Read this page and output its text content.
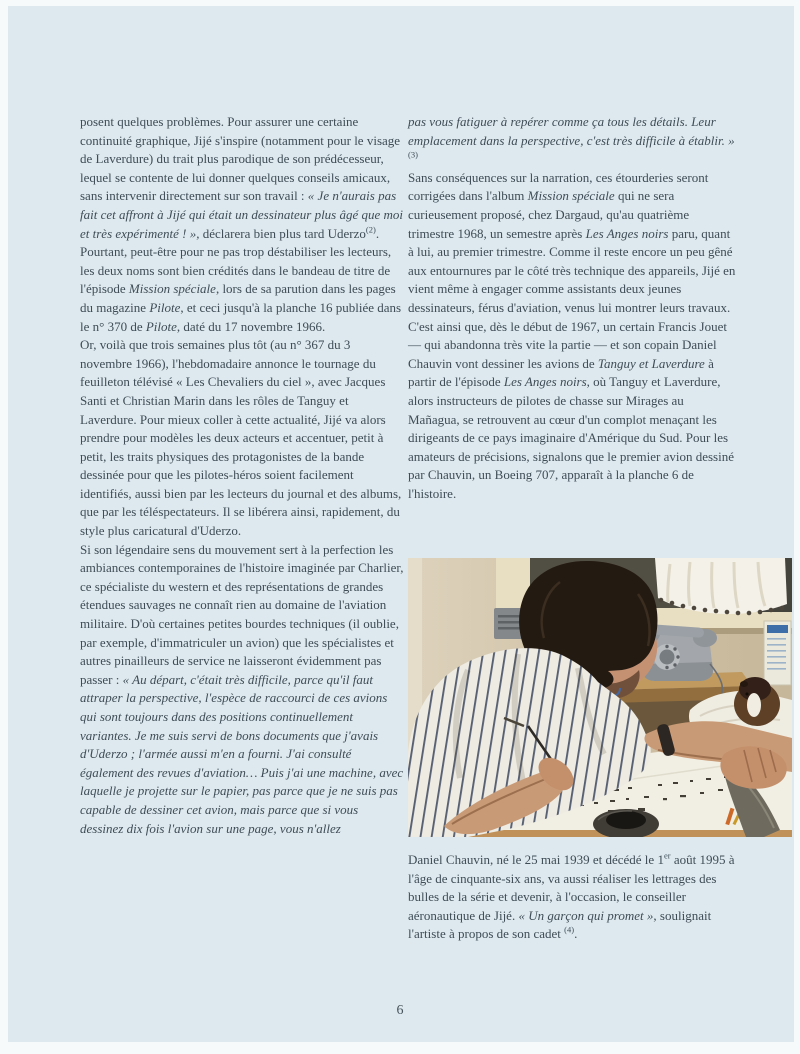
posent quelques problèmes. Pour assurer une certaine continuité graphique, Jijé s'inspire (notamment pour le visage de Laverdure) du trait plus parodique de son prédécesseur, lequel se contente de lui donner quelques conseils amicaux, sans intervenir directement sur son travail : « Je n'aurais pas fait cet affront à Jijé qui était un dessinateur plus âgé que moi et très expérimenté ! », déclarera bien plus tard Uderzo$^{(2)}$.

Pourtant, peut-être pour ne pas trop déstabiliser les lecteurs, les deux noms sont bien crédités dans le bandeau de titre de l'épisode Mission spéciale, lors de sa parution dans les pages du magazine Pilote, et ceci jusqu'à la planche 16 publiée dans le n° 370 de Pilote, daté du 17 novembre 1966.

Or, voilà que trois semaines plus tôt (au n° 367 du 3 novembre 1966), l'hebdomadaire annonce le tournage du feuilleton télévisé « Les Chevaliers du ciel », avec Jacques Santi et Christian Marin dans les rôles de Tanguy et Laverdure. Pour mieux coller à cette actualité, Jijé va alors prendre pour modèles les deux acteurs et accentuer, petit à petit, les traits physiques des protagonistes de la bande dessinée pour que les pilotes-héros soient facilement identifiés, aussi bien par les lecteurs du journal et des albums, que par les téléspectateurs. Il se libérera ainsi, rapidement, du style plus caricatural d'Uderzo.

Si son légendaire sens du mouvement sert à la perfection les ambiances contemporaines de l'histoire imaginée par Charlier, ce spécialiste du western et des représentations de grandes étendues sauvages ne connaît rien au domaine de l'aviation militaire. D'où certaines petites bourdes techniques (il oublie, par exemple, d'immatriculer un avion) que les spécialistes et autres pinailleurs de service ne laisseront évidemment pas passer : « Au départ, c'était très difficile, parce qu'il faut attraper la perspective, l'espèce de raccourci de ces avions qui sont toujours dans des positions continuellement variantes. Je me suis servi de bons documents que j'avais d'Uderzo ; l'armée aussi m'en a fourni. J'ai consulté également des revues d'aviation… Puis j'ai une machine, avec laquelle je projette sur le papier, pas parce que je ne suis pas capable de dessiner cet avion, mais parce que si vous dessinez dix fois l'avion sur une page, vous n'allez

pas vous fatiguer à repérer comme ça tous les détails. Leur emplacement dans la perspective, c'est très difficile à établir. » $^{(3)}$

Sans conséquences sur la narration, ces étourderies seront corrigées dans l'album Mission spéciale qui ne sera curieusement proposé, chez Dargaud, qu'au quatrième trimestre 1968, un semestre après Les Anges noirs paru, quant à lui, au premier trimestre. Comme il reste encore un peu gêné aux entournures par le côté très technique des appareils, Jijé en vient même à engager comme assistants deux jeunes dessinateurs, férus d'aviation, venus lui montrer leurs travaux.

C'est ainsi que, dès le début de 1967, un certain Francis Jouet — qui abandonna très vite la partie — et son copain Daniel Chauvin vont dessiner les avions de Tanguy et Laverdure à partir de l'épisode Les Anges noirs, où Tanguy et Laverdure, alors instructeurs de pilotes de chasse sur Mirages au Mañagua, se retrouvent au cœur d'un complot menaçant les dirigeants de ce pays imaginaire d'Amérique du Sud. Pour les amateurs de précisions, signalons que le premier avion dessiné par Chauvin, un Boeing 707, apparaît à la planche 6 de l'histoire.

Daniel Chauvin, né le 25 mai 1939 et décédé le 1er août 1995 à l'âge de cinquante-six ans, va aussi réaliser les lettrages des bulles de la série et devenir, à l'occasion, le conseiller aéronautique de Jijé. « Un garçon qui promet », soulignait l'artiste à propos de son cadet $^{(4)}$.

6
